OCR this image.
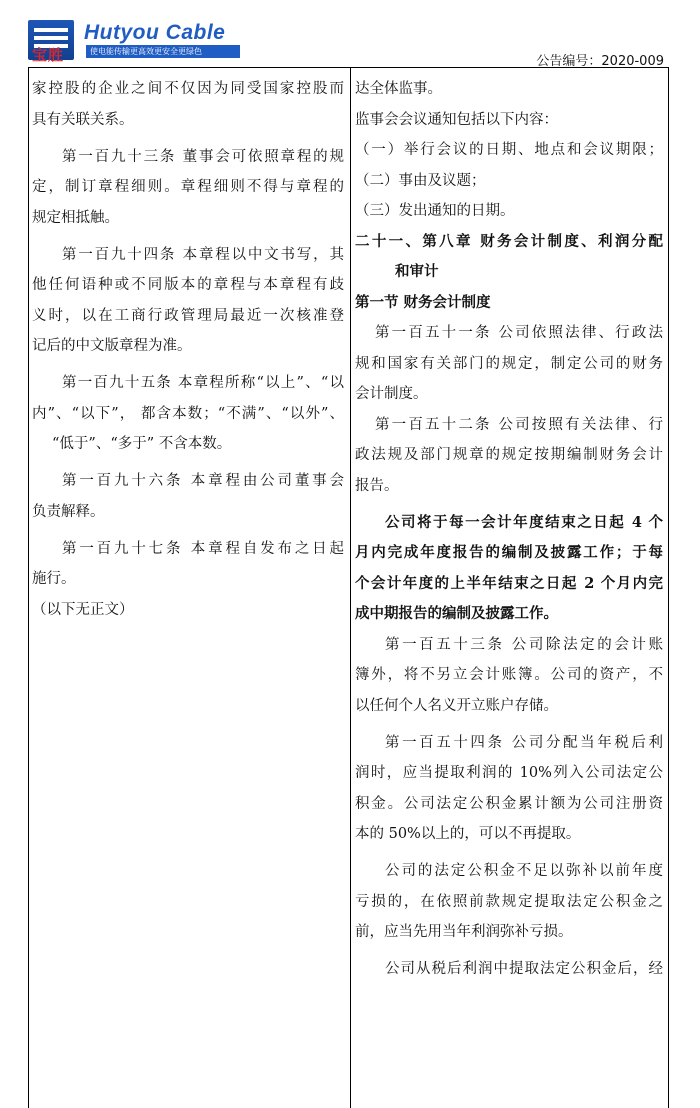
宝胜
Hutyou Cable
使电能传输更高效更安全更绿色
公告编号：2020-009
家控股的企业之间不仅因为同受国家控股而
具有关联关系。
第一百九十三条 董事会可依照章程的规
定，制订章程细则。章程细则不得与章程的
规定相抵触。
第一百九十四条 本章程以中文书写，其
他任何语种或不同版本的章程与本章程有歧
义时，以在工商行政管理局最近一次核准登
记后的中文版章程为准。
第一百九十五条 本章程所称“以上”、“以
内”、“以下”， 都含本数；“不满”、“以外”、
“低于”、“多于” 不含本数。
第一百九十六条 本章程由公司董事会
负责解释。
第一百九十七条 本章程自发布之日起
施行。
（以下无正文）
达全体监事。
监事会会议通知包括以下内容：
（一）举行会议的日期、地点和会议期限；
（二）事由及议题；
（三）发出通知的日期。
二十一、第八章 财务会计制度、利润分配
和审计
第一节 财务会计制度
第一百五十一条 公司依照法律、行政法
规和国家有关部门的规定，制定公司的财务
会计制度。
第一百五十二条 公司按照有关法律、行
政法规及部门规章的规定按期编制财务会计
报告。
公司将于每一会计年度结束之日起 4 个
月内完成年度报告的编制及披露工作；于每
个会计年度的上半年结束之日起 2 个月内完
成中期报告的编制及披露工作。
第一百五十三条 公司除法定的会计账
簿外，将不另立会计账簿。公司的资产，不
以任何个人名义开立账户存储。
第一百五十四条 公司分配当年税后利
润时，应当提取利润的 10%列入公司法定公
积金。公司法定公积金累计额为公司注册资
本的 50%以上的，可以不再提取。
公司的法定公积金不足以弥补以前年度
亏损的，在依照前款规定提取法定公积金之
前，应当先用当年利润弥补亏损。
公司从税后利润中提取法定公积金后，经
